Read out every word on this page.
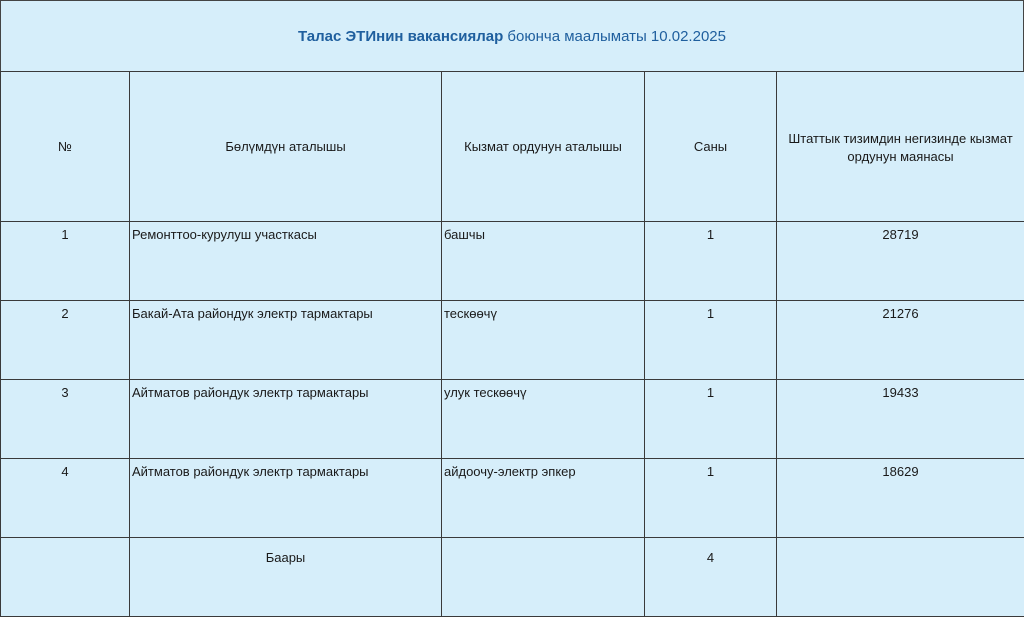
Талас ЭТИнин вакансиялар боюнча маалыматы 10.02.2025
№	Бөлүмдүн аталышы	Кызмат ордунун аталышы	Саны	Штаттык тизимдин негизинде кызмат ордунун маянасы
1	Ремонттоо-курулуш участкасы	башчы	1	28719
2	Бакай-Ата райондук электр тармактары	тескөөчү	1	21276
3	Айтматов райондук электр тармактары	улук тескөөчү	1	19433
4	Айтматов райондук электр тармактары	айдоочу-электр эпкер	1	18629
	Баары		4	
